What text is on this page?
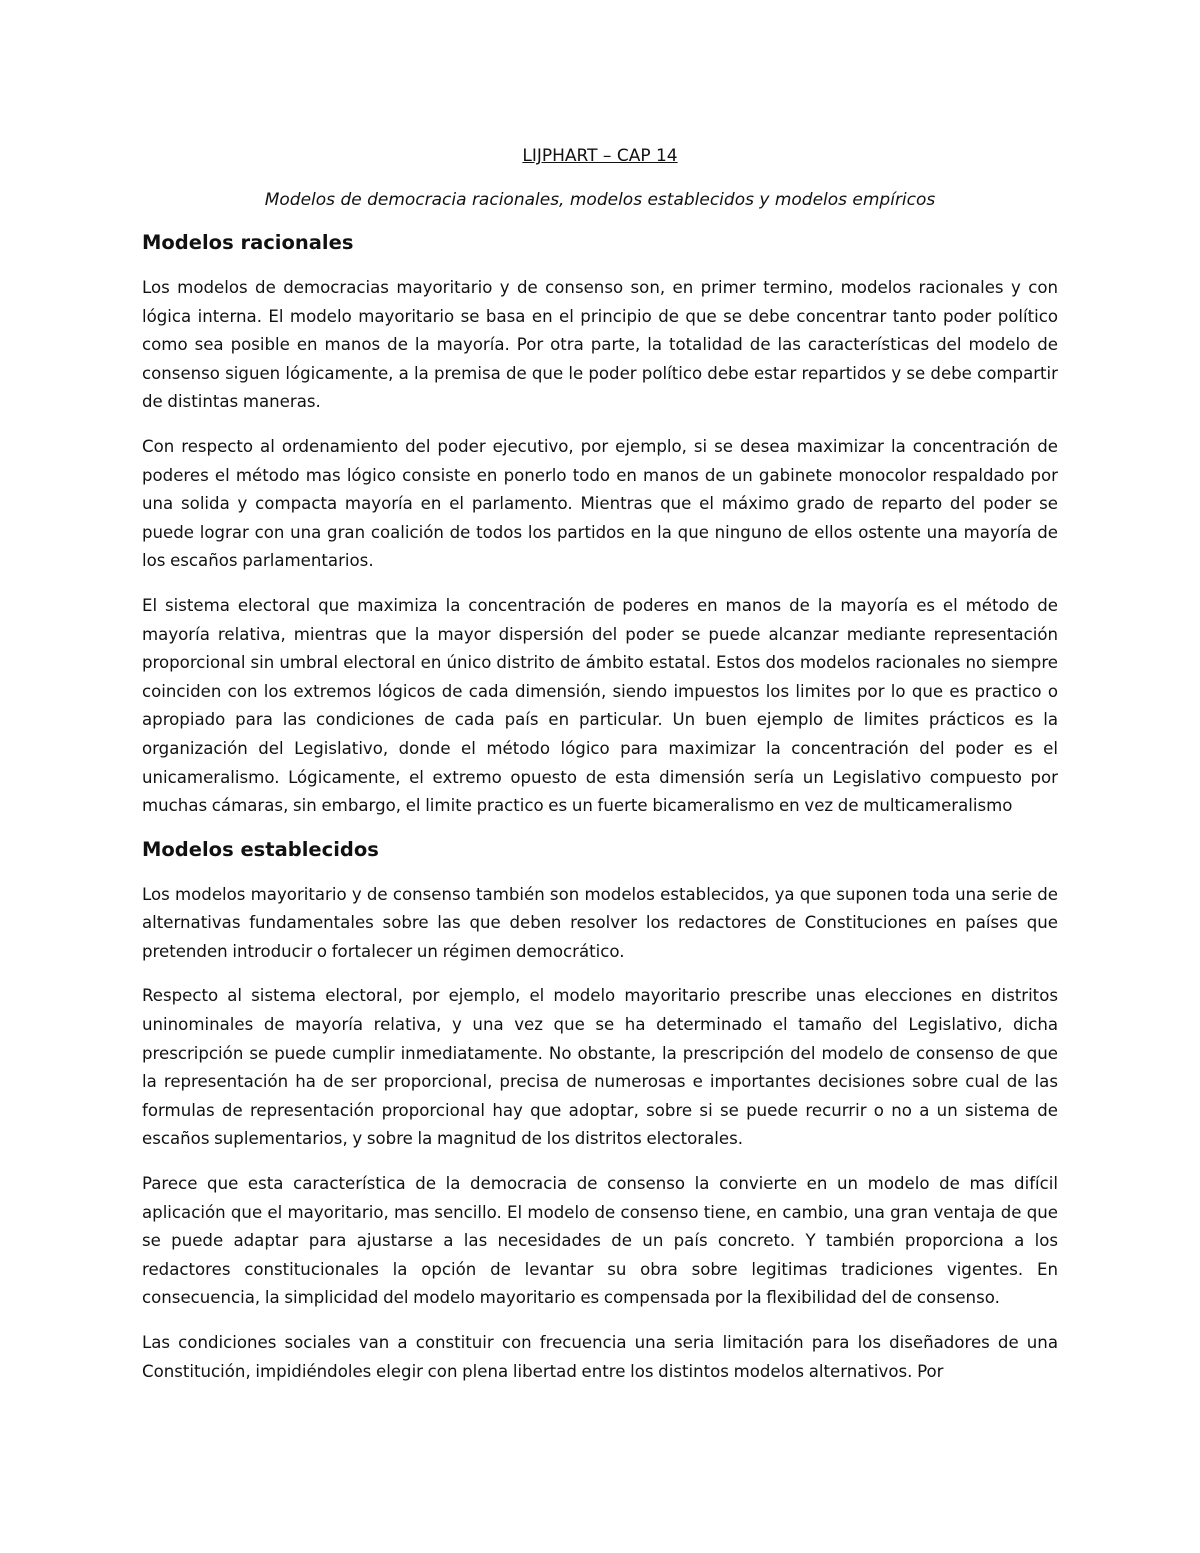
LIJPHART – CAP 14

Modelos de democracia racionales, modelos establecidos y modelos empíricos

Modelos racionales

Los modelos de democracias mayoritario y de consenso son, en primer termino, modelos racionales y con lógica interna. El modelo mayoritario se basa en el principio de que se debe concentrar tanto poder político como sea posible en manos de la mayoría. Por otra parte, la totalidad de las características del modelo de consenso siguen lógicamente, a la premisa de que le poder político debe estar repartidos y se debe compartir de distintas maneras.

Con respecto al ordenamiento del poder ejecutivo, por ejemplo, si se desea maximizar la concentración de poderes el método mas lógico consiste en ponerlo todo en manos de un gabinete monocolor respaldado por una solida y compacta mayoría en el parlamento. Mientras que el máximo grado de reparto del poder se puede lograr con una gran coalición de todos los partidos en la que ninguno de ellos ostente una mayoría de los escaños parlamentarios.

El sistema electoral que maximiza la concentración de poderes en manos de la mayoría es el método de mayoría relativa, mientras que la mayor dispersión del poder se puede alcanzar mediante representación proporcional sin umbral electoral en único distrito de ámbito estatal. Estos dos modelos racionales no siempre coinciden con los extremos lógicos de cada dimensión, siendo impuestos los limites por lo que es practico o apropiado para las condiciones de cada país en particular. Un buen ejemplo de limites prácticos es la organización del Legislativo, donde el método lógico para maximizar la concentración del poder es el unicameralismo. Lógicamente, el extremo opuesto de esta dimensión sería un Legislativo compuesto por muchas cámaras, sin embargo, el limite practico es un fuerte bicameralismo en vez de multicameralismo

Modelos establecidos

Los modelos mayoritario y de consenso también son modelos establecidos, ya que suponen toda una serie de alternativas fundamentales sobre las que deben resolver los redactores de Constituciones en países que pretenden introducir o fortalecer un régimen democrático.

Respecto al sistema electoral, por ejemplo, el modelo mayoritario prescribe unas elecciones en distritos uninominales de mayoría relativa, y una vez que se ha determinado el tamaño del Legislativo, dicha prescripción se puede cumplir inmediatamente. No obstante, la prescripción del modelo de consenso de que la representación ha de ser proporcional, precisa de numerosas e importantes decisiones sobre cual de las formulas de representación proporcional hay que adoptar, sobre si se puede recurrir o no a un sistema de escaños suplementarios, y sobre la magnitud de los distritos electorales.

Parece que esta característica de la democracia de consenso la convierte en un modelo de mas difícil aplicación que el mayoritario, mas sencillo. El modelo de consenso tiene, en cambio, una gran ventaja de que se puede adaptar para ajustarse a las necesidades de un país concreto. Y también proporciona a los redactores constitucionales la opción de levantar su obra sobre legitimas tradiciones vigentes. En consecuencia, la simplicidad del modelo mayoritario es compensada por la flexibilidad del de consenso.

Las condiciones sociales van a constituir con frecuencia una seria limitación para los diseñadores de una Constitución, impidiéndoles elegir con plena libertad entre los distintos modelos alternativos. Por
